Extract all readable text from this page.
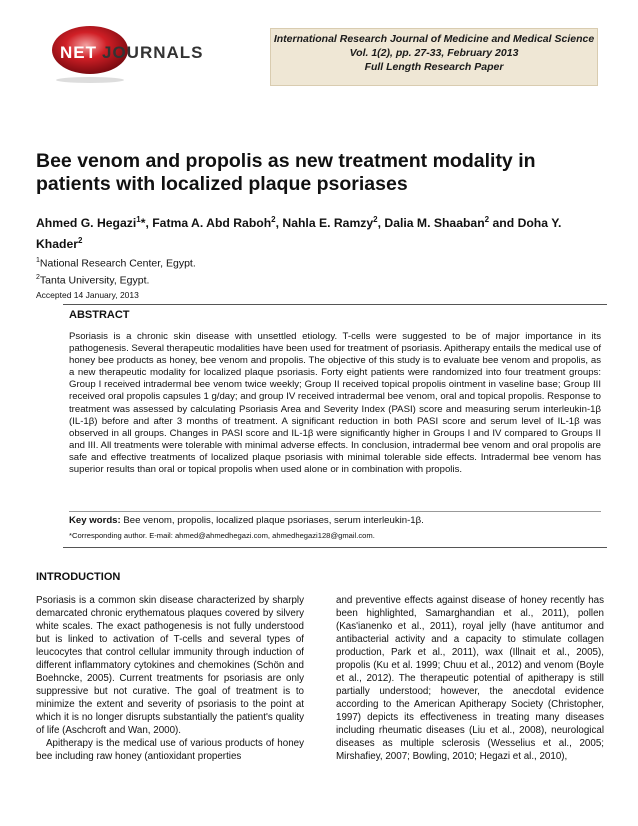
NET JOURNALS
International Research Journal of Medicine and Medical Science
Vol. 1(2), pp. 27-33, February 2013
Full Length Research Paper
Bee venom and propolis as new treatment modality in patients with localized plaque psoriases
Ahmed G. Hegazi$^1$*, Fatma A. Abd Raboh$^2$, Nahla E. Ramzy$^2$, Dalia M. Shaaban$^2$ and Doha Y. Khader$^2$
$^1$National Research Center, Egypt.
$^2$Tanta University, Egypt.
Accepted 14 January, 2013
ABSTRACT

Psoriasis is a chronic skin disease with unsettled etiology. T-cells were suggested to be of major importance in its pathogenesis. Several therapeutic modalities have been used for treatment of psoriasis. Apitherapy entails the medical use of honey bee products as honey, bee venom and propolis. The objective of this study is to evaluate bee venom and propolis, as a new therapeutic modality for localized plaque psoriasis. Forty eight patients were randomized into four treatment groups: Group I received intradermal bee venom twice weekly; Group II received topical propolis ointment in vaseline base; Group III received oral propolis capsules 1 g/day; and group IV received intradermal bee venom, oral and topical propolis. Response to treatment was assessed by calculating Psoriasis Area and Severity Index (PASI) score and measuring serum interleukin-1β (IL-1β) before and after 3 months of treatment. A significant reduction in both PASI score and serum level of IL-1β was observed in all groups. Changes in PASI score and IL-1β were significantly higher in Groups I and IV compared to Groups II and III. All treatments were tolerable with minimal adverse effects. In conclusion, intradermal bee venom and oral propolis are safe and effective treatments of localized plaque psoriasis with minimal tolerable side effects. Intradermal bee venom has superior results than oral or topical propolis when used alone or in combination with propolis.

Key words: Bee venom, propolis, localized plaque psoriases, serum interleukin-1β.
*Corresponding author. E-mail: ahmed@ahmedhegazi.com, ahmedhegazi128@gmail.com.
INTRODUCTION

Psoriasis is a common skin disease characterized by sharply demarcated chronic erythematous plaques covered by silvery white scales. The exact pathogenesis is not fully understood but is linked to activation of T-cells and several types of leucocytes that control cellular immunity through induction of different inflammatory cytokines and chemokines (Schön and Boehncke, 2005). Current treatments for psoriasis are only suppressive but not curative. The goal of treatment is to minimize the extent and severity of psoriasis to the point at which it is no longer disrupts substantially the patient's quality of life (Aschcroft and Wan, 2000).

Apitherapy is the medical use of various products of honey bee including raw honey (antioxidant properties

and preventive effects against disease of honey recently has been highlighted, Samarghandian et al., 2011), pollen (Kas'ianenko et al., 2011), royal jelly (have antitumor and antibacterial activity and a capacity to stimulate collagen production, Park et al., 2011), wax (Illnait et al., 2005), propolis (Ku et al. 1999; Chuu et al., 2012) and venom (Boyle et al., 2012). The therapeutic potential of apitherapy is still partially understood; however, the anecdotal evidence according to the American Apitherapy Society (Christopher, 1997) depicts its effectiveness in treating many diseases including rheumatic diseases (Liu et al., 2008), neurological diseases as multiple sclerosis (Wesselius et al., 2005; Mirshafiey, 2007; Bowling, 2010; Hegazi et al., 2010),
